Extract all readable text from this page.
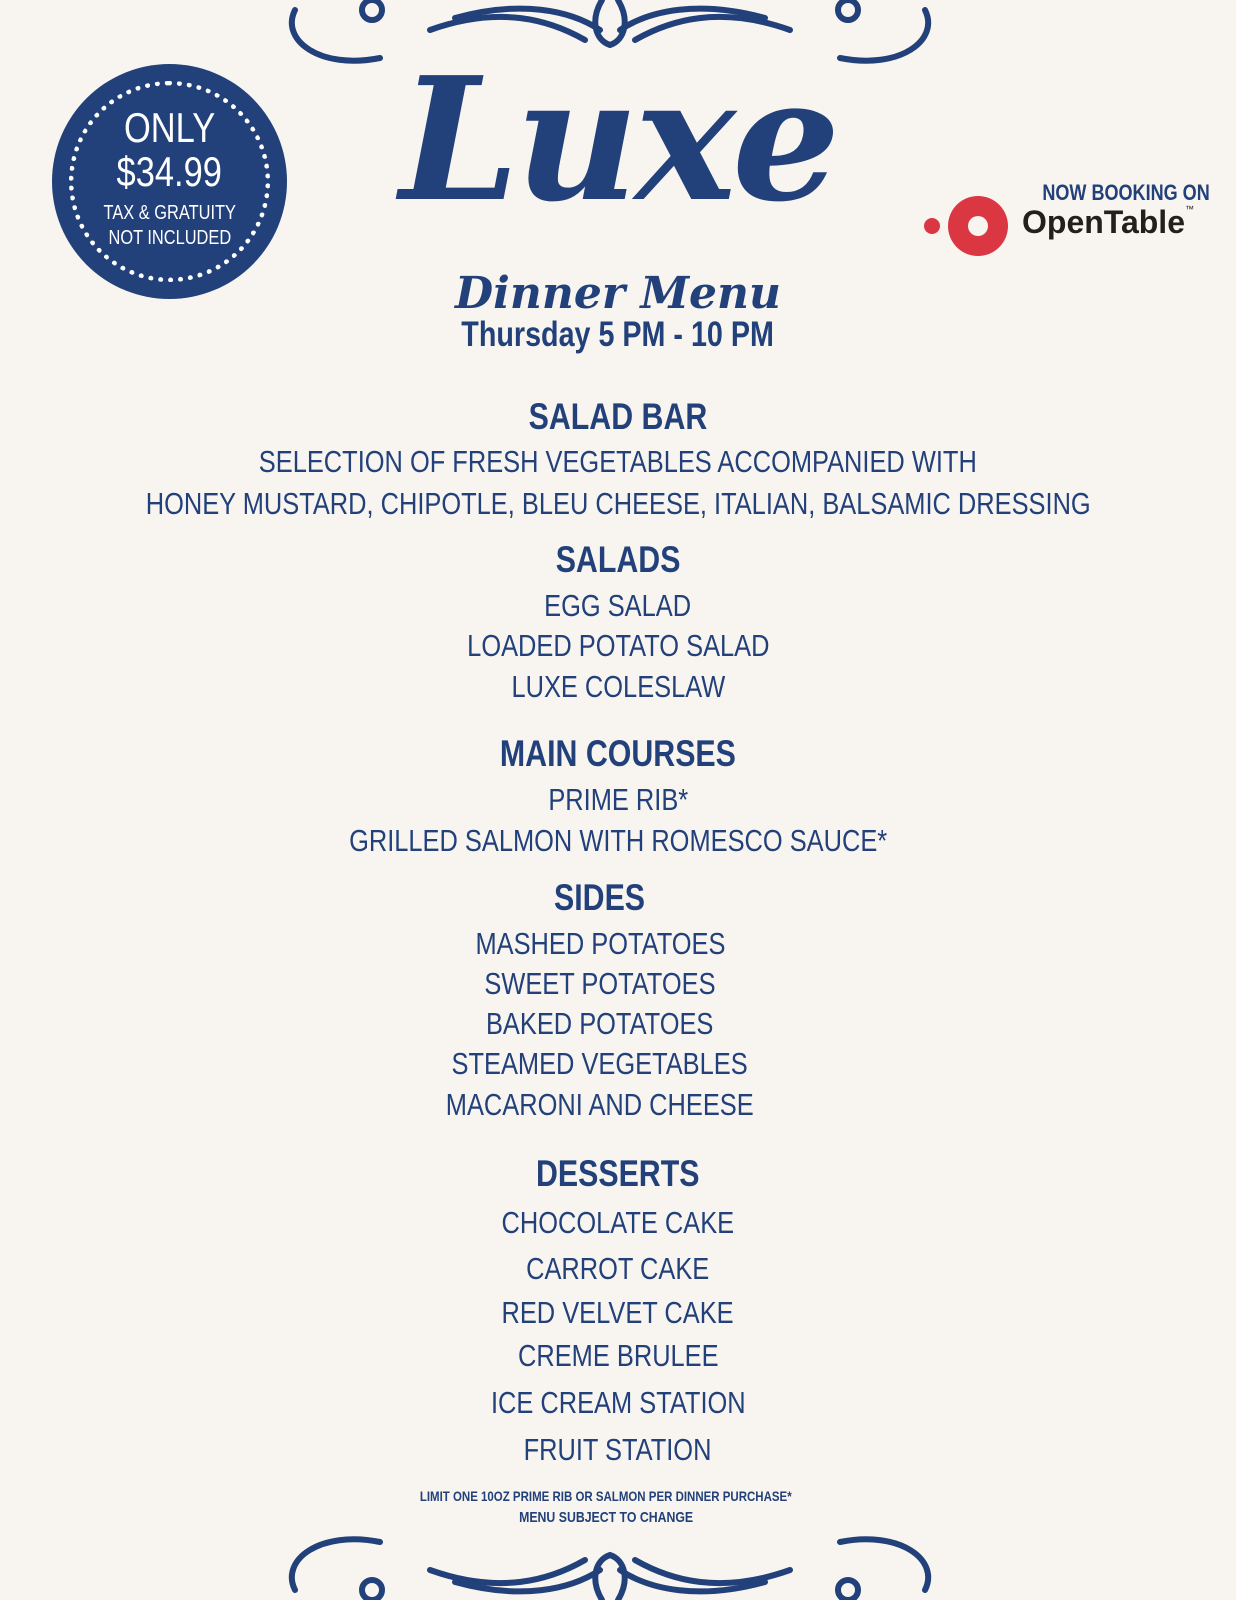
ONLY
$34.99
TAX & GRATUITY
NOT INCLUDED Luxe
Dinner Menu
Thursday 5 PM - 10 PM
NOW BOOKING ON
OpenTable™
SALAD BAR
SELECTION OF FRESH VEGETABLES ACCOMPANIED WITH
HONEY MUSTARD, CHIPOTLE, BLEU CHEESE, ITALIAN, BALSAMIC DRESSING
SALADS
EGG SALAD
LOADED POTATO SALAD
LUXE COLESLAW
MAIN COURSES
PRIME RIB*
GRILLED SALMON WITH ROMESCO SAUCE*
SIDES
MASHED POTATOES
SWEET POTATOES
BAKED POTATOES
STEAMED VEGETABLES
MACARONI AND CHEESE
DESSERTS
CHOCOLATE CAKE
CARROT CAKE
RED VELVET CAKE
CREME BRULEE
ICE CREAM STATION
FRUIT STATION
LIMIT ONE 10OZ PRIME RIB OR SALMON PER DINNER PURCHASE*
MENU SUBJECT TO CHANGE
